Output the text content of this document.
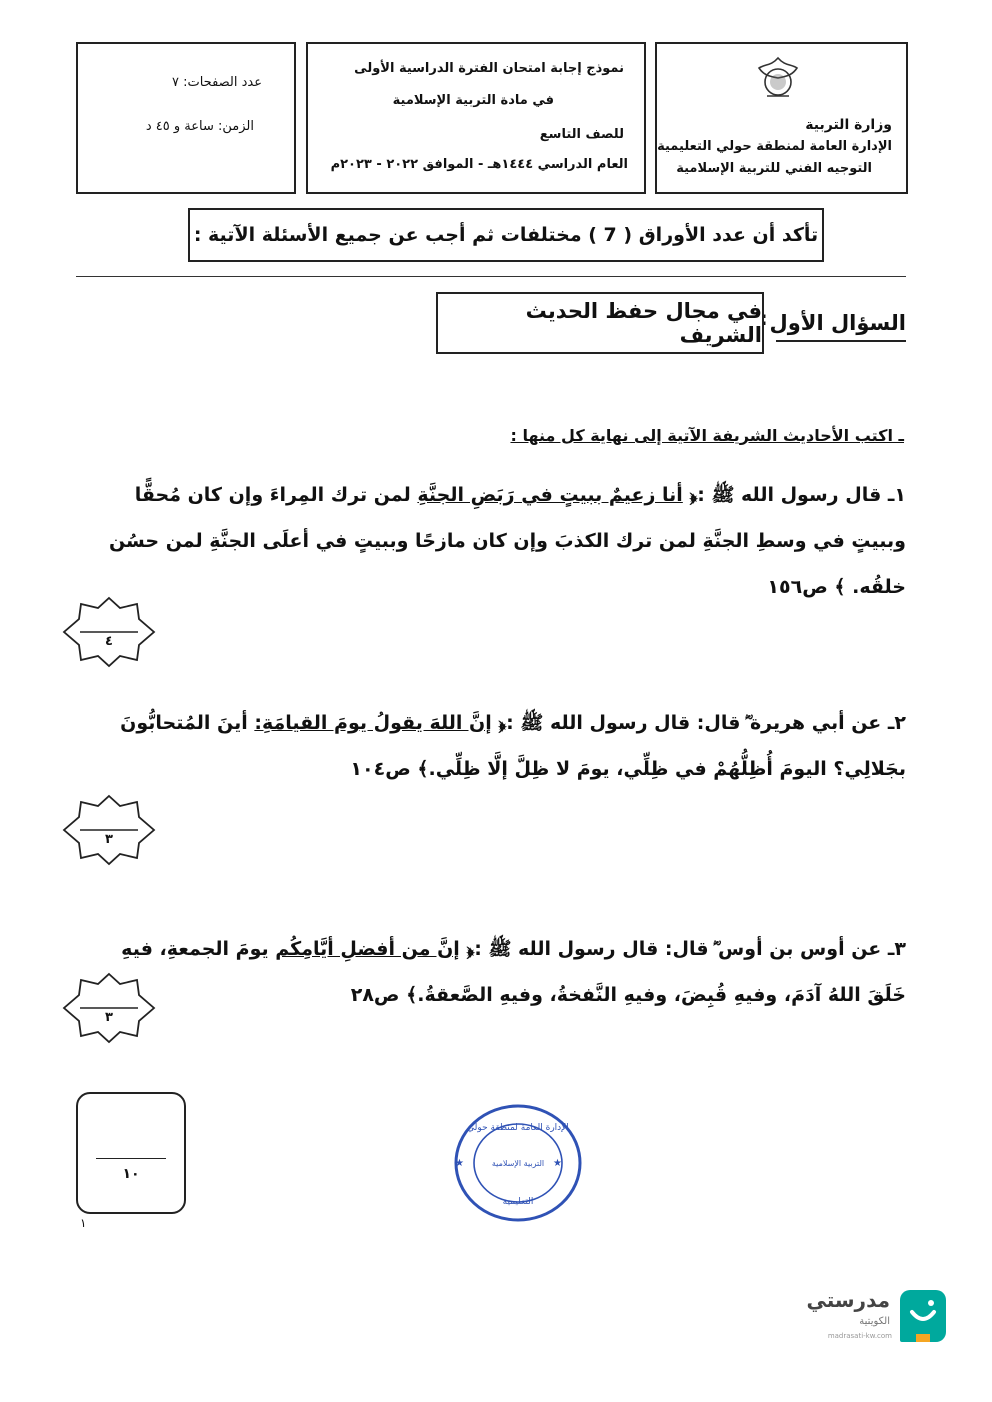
وزارة التربية
الإدارة العامة لمنطقة حولي التعليمية
التوجيه الفني للتربية الإسلامية
نموذج إجابة امتحان الفترة الدراسية الأولى
في مادة التربية الإسلامية
للصف التاسع
العام الدراسي ١٤٤٤هـ - الموافق ٢٠٢٢ - ٢٠٢٣م
عدد الصفحات: ٧
الزمن: ساعة و ٤٥ د
تأكد أن عدد الأوراق ( 7 ) مختلفات ثم أجب عن جميع الأسئلة الآتية :
السؤال الأول
:
في مجال حفظ الحديث الشريف
ـ اكتب الأحاديث الشريفة الآتية إلى نهاية كل منها :
١ـ قال رسول الله ﷺ :﴿ أنا زعيمٌ ببيتٍ في رَبَضِ الجنَّةِ لمن ترك المِراءَ وإن كان مُحقًّا
وببيتٍ في وسطِ الجنَّةِ لمن ترك الكذبَ وإن كان مازحًا وببيتٍ في أعلَى الجنَّةِ لمن حسُن
خلقُه. ﴾ ص١٥٦
٤
٢ـ عن أبي هريرة ؓ قال: قال رسول الله ﷺ :﴿ إنَّ اللهَ يقولُ يومَ القيامَةِ: أينَ المُتحابُّونَ
بجَلالِي؟ اليومَ أُظِلُّهُمْ في ظِلِّي، يومَ لا ظِلَّ إلَّا ظِلِّي.﴾ ص١٠٤
٣
٣ـ عن أوس بن أوس ؓ قال: قال رسول الله ﷺ :﴿ إنَّ من أفضلِ أيَّامِكُم يومَ الجمعةِ، فيهِ
خَلَقَ اللهُ آدَمَ، وفيهِ قُبِضَ، وفيهِ النَّفخةُ، وفيهِ الصَّعقةُ.﴾ ص٢٨
٣
١٠
١
الإدارة العامة لمنطقة حولي
التعليمية
التربية الإسلامية
★	★
مدرستي
الكويتية
madrasati-kw.com
